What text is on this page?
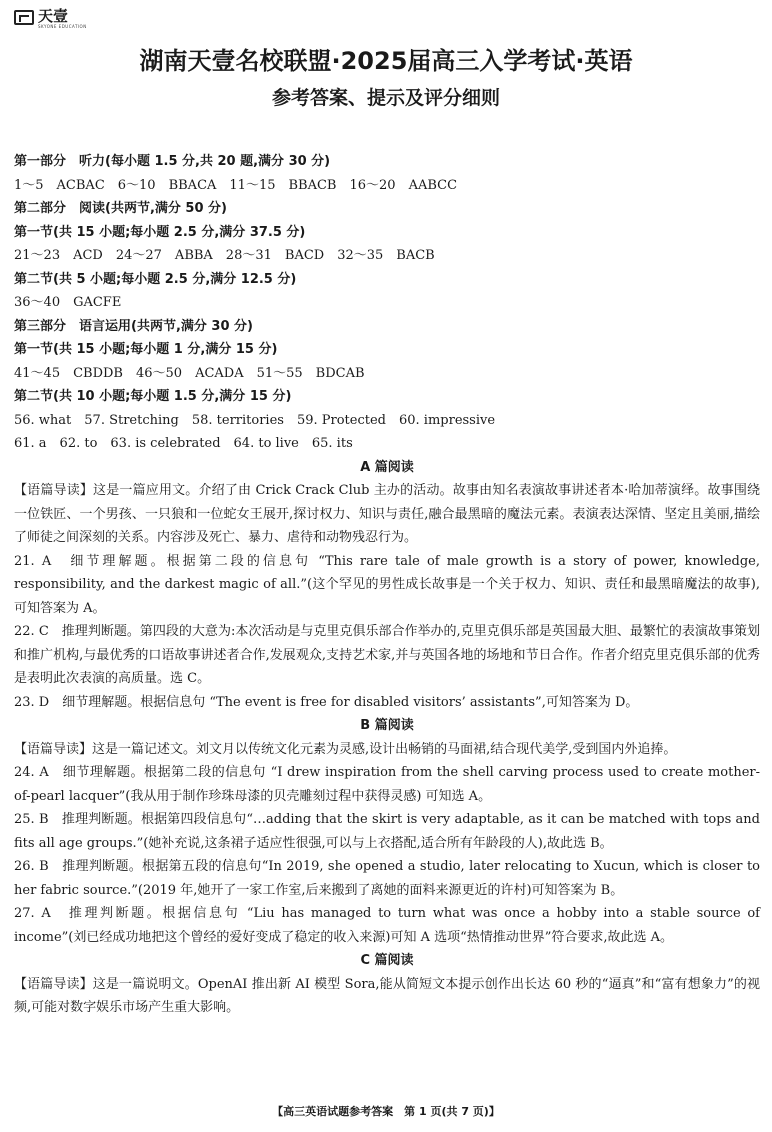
天壹
SKYONE EDUCATION
湖南天壹名校联盟·2025届高三入学考试·英语
参考答案、提示及评分细则
第一部分　听力(每小题 1.5 分,共 20 题,满分 30 分)
1～5　ACBAC　6～10　BBACA　11～15　BBACB　16～20　AABCC
第二部分　阅读(共两节,满分 50 分)
第一节(共 15 小题;每小题 2.5 分,满分 37.5 分)
21～23　ACD　24～27　ABBA　28～31　BACD　32～35　BACB
第二节(共 5 小题;每小题 2.5 分,满分 12.5 分)
36～40　GACFE
第三部分　语言运用(共两节,满分 30 分)
第一节(共 15 小题;每小题 1 分,满分 15 分)
41～45　CBDDB　46～50　ACADA　51～55　BDCAB
第二节(共 10 小题;每小题 1.5 分,满分 15 分)
56. what　57. Stretching　58. territories　59. Protected　60. impressive
61. a　62. to　63. is celebrated　64. to live　65. its
A 篇阅读
【语篇导读】这是一篇应用文。介绍了由 Crick Crack Club 主办的活动。故事由知名表演故事讲述者本·哈加蒂演绎。故事围绕一位铁匠、一个男孩、一只狼和一位蛇女王展开,探讨权力、知识与责任,融合最黑暗的魔法元素。表演表达深情、坚定且美丽,描绘了师徒之间深刻的关系。内容涉及死亡、暴力、虐待和动物残忍行为。
21. A　细节理解题。根据第二段的信息句 “This rare tale of male growth is a story of power, knowledge, responsibility, and the darkest magic of all.”(这个罕见的男性成长故事是一个关于权力、知识、责任和最黑暗魔法的故事),可知答案为 A。
22. C　推理判断题。第四段的大意为:本次活动是与克里克俱乐部合作举办的,克里克俱乐部是英国最大胆、最繁忙的表演故事策划和推广机构,与最优秀的口语故事讲述者合作,发展观众,支持艺术家,并与英国各地的场地和节日合作。作者介绍克里克俱乐部的优秀是表明此次表演的高质量。选 C。
23. D　细节理解题。根据信息句 “The event is free for disabled visitors’ assistants”,可知答案为 D。
B 篇阅读
【语篇导读】这是一篇记述文。刘文月以传统文化元素为灵感,设计出畅销的马面裙,结合现代美学,受到国内外追捧。
24. A　细节理解题。根据第二段的信息句 “I drew inspiration from the shell carving process used to create mother-of-pearl lacquer”(我从用于制作珍珠母漆的贝壳雕刻过程中获得灵感) 可知选 A。
25. B　推理判断题。根据第四段信息句“…adding that the skirt is very adaptable, as it can be matched with tops and fits all age groups.”(她补充说,这条裙子适应性很强,可以与上衣搭配,适合所有年龄段的人),故此选 B。
26. B　推理判断题。根据第五段的信息句“In 2019, she opened a studio, later relocating to Xucun, which is closer to her fabric source.”(2019 年,她开了一家工作室,后来搬到了离她的面料来源更近的许村)可知答案为 B。
27. A　推理判断题。根据信息句 “Liu has managed to turn what was once a hobby into a stable source of income”(刘已经成功地把这个曾经的爱好变成了稳定的收入来源)可知 A 选项“热情推动世界”符合要求,故此选 A。
C 篇阅读
【语篇导读】这是一篇说明文。OpenAI 推出新 AI 模型 Sora,能从简短文本提示创作出长达 60 秒的“逼真”和“富有想象力”的视频,可能对数字娱乐市场产生重大影响。
【高三英语试题参考答案　第 1 页(共 7 页)】
